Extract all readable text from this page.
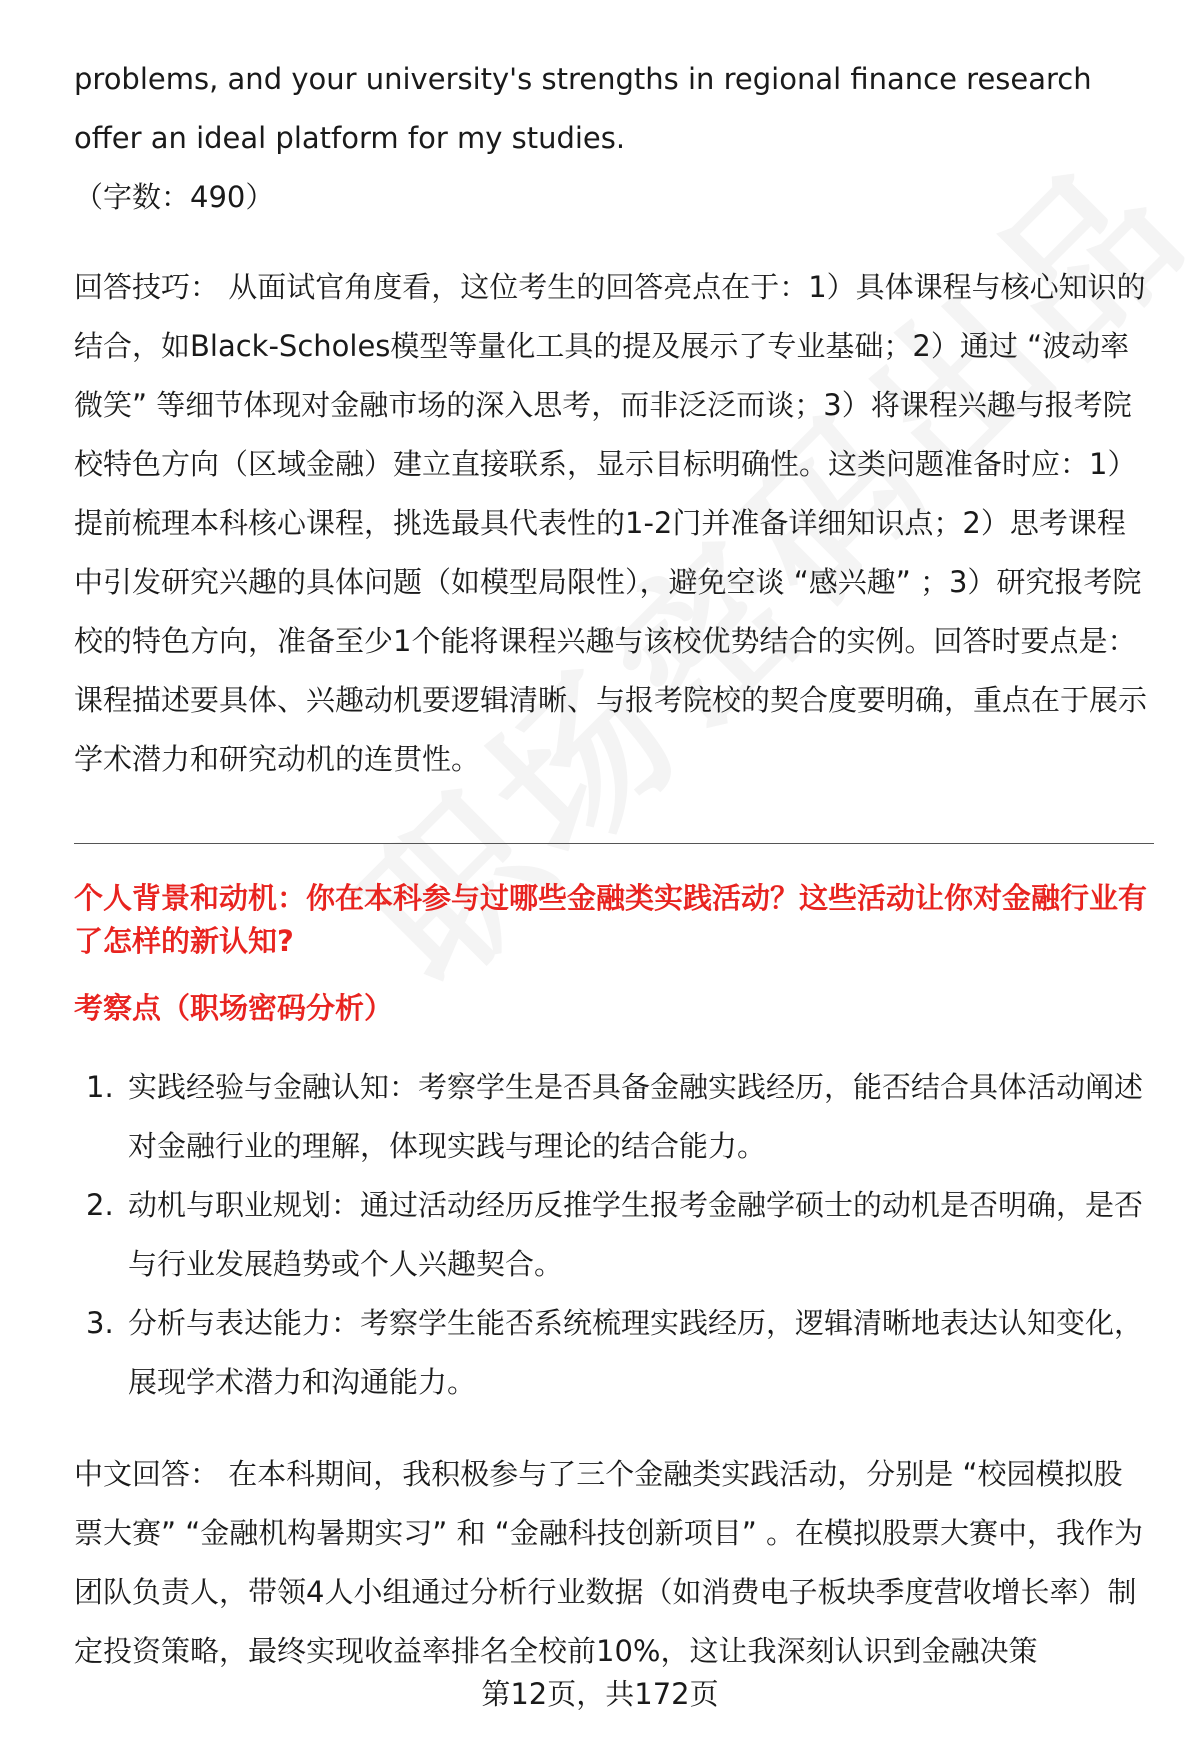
problems, and your university's strengths in regional finance research offer an ideal platform for my studies.

（字数：490）

回答技巧： 从面试官角度看，这位考生的回答亮点在于：1）具体课程与核心知识的结合，如Black-Scholes模型等量化工具的提及展示了专业基础；2）通过 “波动率微笑” 等细节体现对金融市场的深入思考，而非泛泛而谈；3）将课程兴趣与报考院校特色方向（区域金融）建立直接联系，显示目标明确性。这类问题准备时应：1）提前梳理本科核心课程，挑选最具代表性的1-2门并准备详细知识点；2）思考课程中引发研究兴趣的具体问题（如模型局限性），避免空谈 “感兴趣” ；3）研究报考院校的特色方向，准备至少1个能将课程兴趣与该校优势结合的实例。回答时要点是：课程描述要具体、兴趣动机要逻辑清晰、与报考院校的契合度要明确，重点在于展示学术潜力和研究动机的连贯性。

个人背景和动机：你在本科参与过哪些金融类实践活动？这些活动让你对金融行业有了怎样的新认知?

考察点（职场密码分析）

1. 实践经验与金融认知：考察学生是否具备金融实践经历，能否结合具体活动阐述对金融行业的理解，体现实践与理论的结合能力。
2. 动机与职业规划：通过活动经历反推学生报考金融学硕士的动机是否明确，是否与行业发展趋势或个人兴趣契合。
3. 分析与表达能力：考察学生能否系统梳理实践经历，逻辑清晰地表达认知变化，展现学术潜力和沟通能力。

中文回答： 在本科期间，我积极参与了三个金融类实践活动，分别是 “校园模拟股票大赛” “金融机构暑期实习” 和 “金融科技创新项目” 。在模拟股票大赛中，我作为团队负责人，带领4人小组通过分析行业数据（如消费电子板块季度营收增长率）制定投资策略，最终实现收益率排名全校前10%，这让我深刻认识到金融决策

第12页，共172页
